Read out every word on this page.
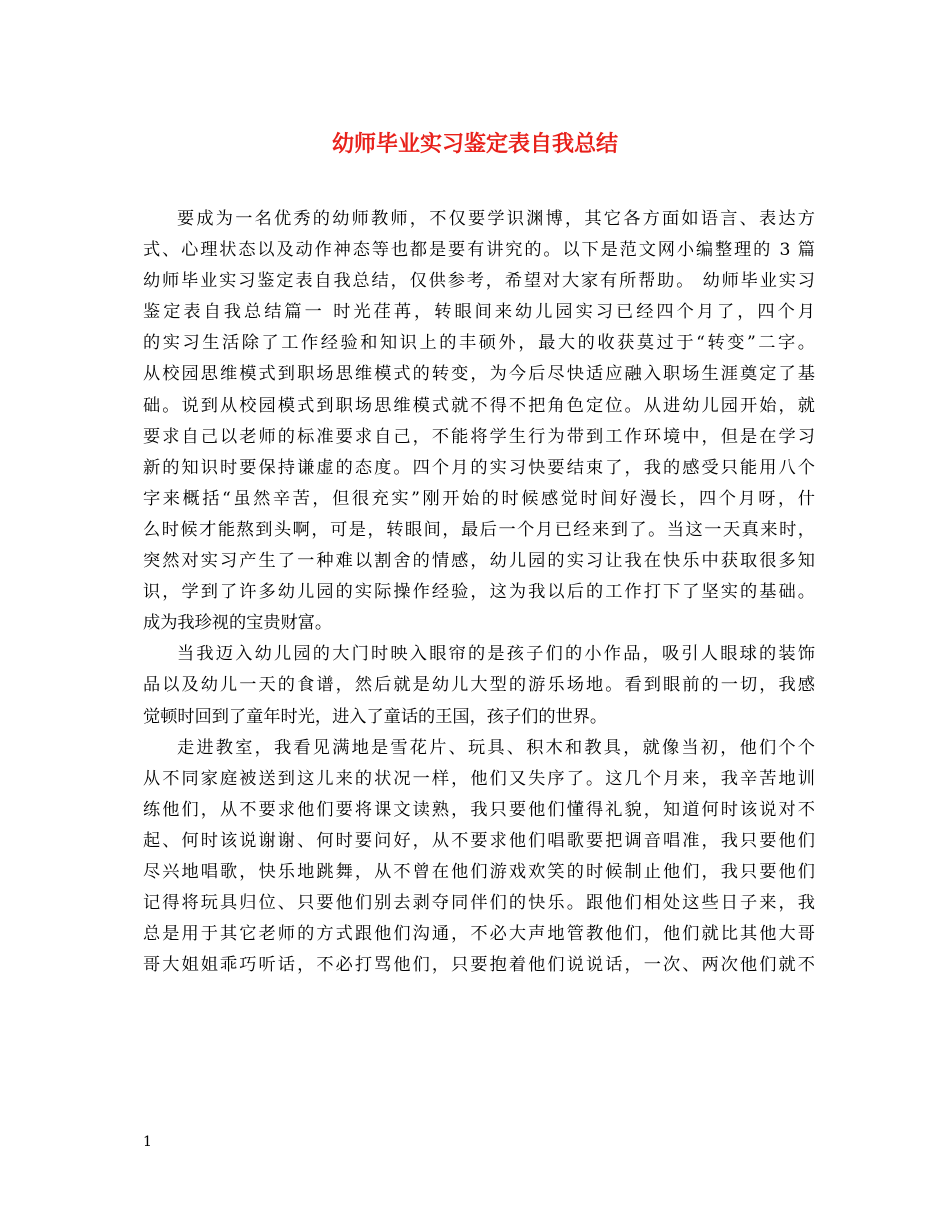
幼师毕业实习鉴定表自我总结
要成为一名优秀的幼师教师，不仅要学识渊博，其它各方面如语言、表达方
式、心理状态以及动作神态等也都是要有讲究的。以下是范文网小编整理的 3 篇
幼师毕业实习鉴定表自我总结，仅供参考，希望对大家有所帮助。 幼师毕业实习
鉴定表自我总结篇一 时光荏苒，转眼间来幼儿园实习已经四个月了，四个月
的实习生活除了工作经验和知识上的丰硕外，最大的收获莫过于“转变”二字。
从校园思维模式到职场思维模式的转变，为今后尽快适应融入职场生涯奠定了基
础。说到从校园模式到职场思维模式就不得不把角色定位。从进幼儿园开始，就
要求自己以老师的标准要求自己，不能将学生行为带到工作环境中，但是在学习
新的知识时要保持谦虚的态度。四个月的实习快要结束了，我的感受只能用八个
字来概括“虽然辛苦，但很充实”刚开始的时候感觉时间好漫长，四个月呀，什
么时候才能熬到头啊，可是，转眼间，最后一个月已经来到了。当这一天真来时，
突然对实习产生了一种难以割舍的情感，幼儿园的实习让我在快乐中获取很多知
识，学到了许多幼儿园的实际操作经验，这为我以后的工作打下了坚实的基础。
成为我珍视的宝贵财富。
当我迈入幼儿园的大门时映入眼帘的是孩子们的小作品，吸引人眼球的装饰
品以及幼儿一天的食谱，然后就是幼儿大型的游乐场地。看到眼前的一切，我感
觉顿时回到了童年时光，进入了童话的王国，孩子们的世界。
走进教室，我看见满地是雪花片、玩具、积木和教具，就像当初，他们个个
从不同家庭被送到这儿来的状况一样，他们又失序了。这几个月来，我辛苦地训
练他们，从不要求他们要将课文读熟，我只要他们懂得礼貌，知道何时该说对不
起、何时该说谢谢、何时要问好，从不要求他们唱歌要把调音唱准，我只要他们
尽兴地唱歌，快乐地跳舞，从不曾在他们游戏欢笑的时候制止他们，我只要他们
记得将玩具归位、只要他们别去剥夺同伴们的快乐。跟他们相处这些日子来，我
总是用于其它老师的方式跟他们沟通，不必大声地管教他们，他们就比其他大哥
哥大姐姐乖巧听话，不必打骂他们，只要抱着他们说说话，一次、两次他们就不
1
